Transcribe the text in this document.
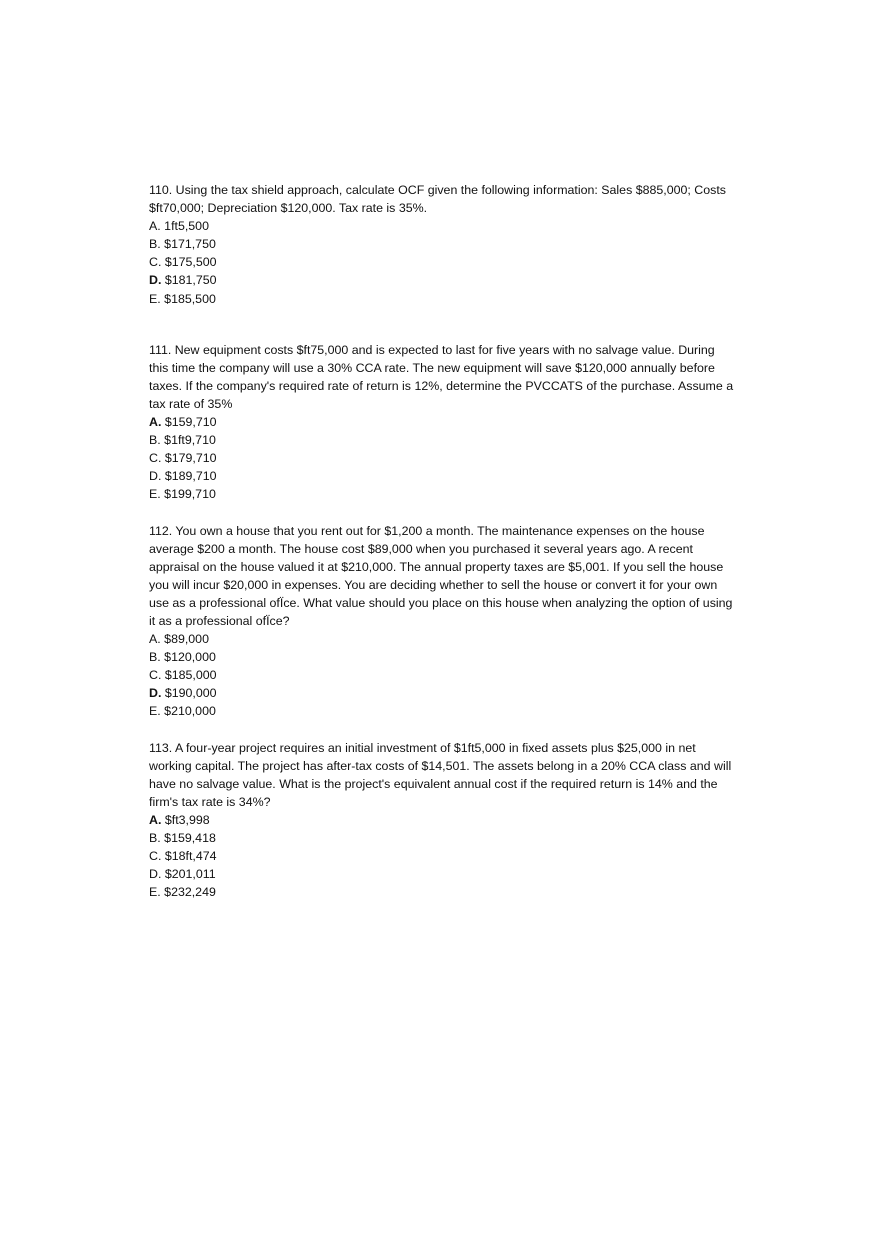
110. Using the tax shield approach, calculate OCF given the following information: Sales $885,000; Costs $ft70,000; Depreciation $120,000. Tax rate is 35%.

A. 1ft5,500
B. $171,750
C. $175,500
D. $181,750
E. $185,500

111. New equipment costs $ft75,000 and is expected to last for five years with no salvage value. During this time the company will use a 30% CCA rate. The new equipment will save $120,000 annually before taxes. If the company's required rate of return is 12%, determine the PVCCATS of the purchase. Assume a tax rate of 35%

A. $159,710
B. $1ft9,710
C. $179,710
D. $189,710
E. $199,710

112. You own a house that you rent out for $1,200 a month. The maintenance expenses on the house average $200 a month. The house cost $89,000 when you purchased it several years ago. A recent appraisal on the house valued it at $210,000. The annual property taxes are $5,001. If you sell the house you will incur $20,000 in expenses. You are deciding whether to sell the house or convert it for your own use as a professional ofÏce. What value should you place on this house when analyzing the option of using it as a professional ofÏce?

A. $89,000
B. $120,000
C. $185,000
D. $190,000
E. $210,000

113. A four-year project requires an initial investment of $1ft5,000 in fixed assets plus $25,000 in net working capital. The project has after-tax costs of $14,501. The assets belong in a 20% CCA class and will have no salvage value. What is the project's equivalent annual cost if the required return is 14% and the firm's tax rate is 34%?

A. $ft3,998
B. $159,418
C. $18ft,474
D. $201,011
E. $232,249
